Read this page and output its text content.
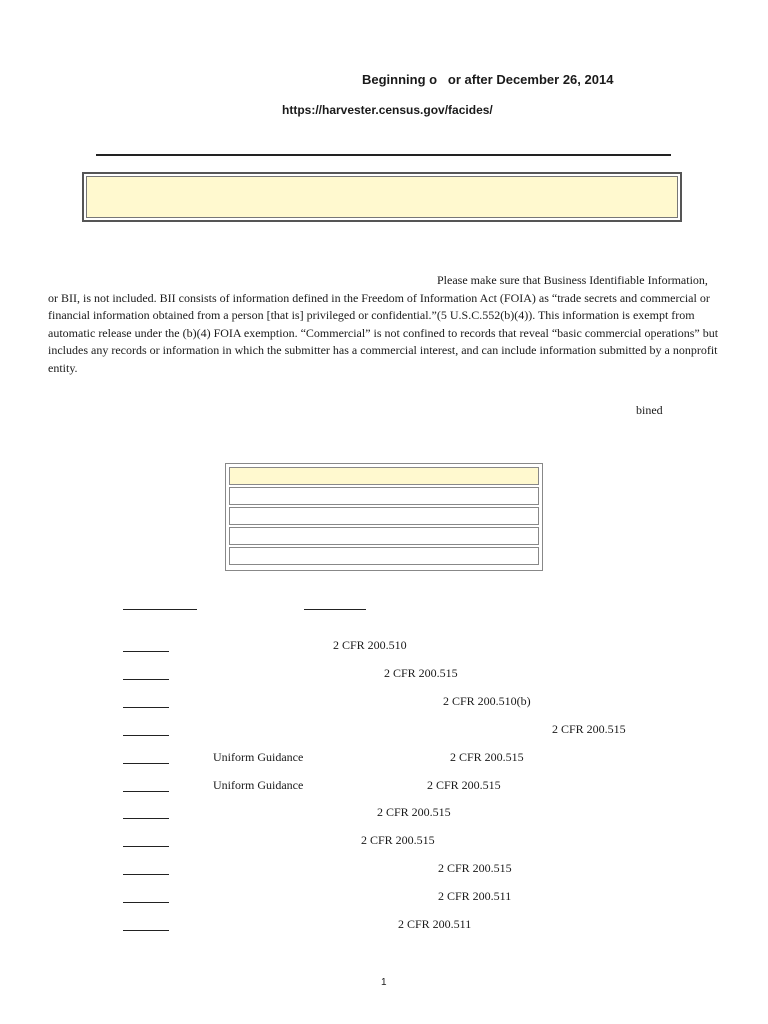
Beginning o   or after December 26, 2014
https://harvester.census.gov/facides/

Please make sure that Business Identifiable Information, or BII, is not included. BII consists of information defined in the Freedom of Information Act (FOIA) as “trade secrets and commercial or financial information obtained from a person [that is] privileged or confidential.”(5 U.S.C.552(b)(4)). This information is exempt from automatic release under the (b)(4) FOIA exemption. “Commercial” is not confined to records that reveal “basic commercial operations” but includes any records or information in which the submitter has a commercial interest, and can include information submitted by a nonprofit entity.

bined
2 CFR 200.510
2 CFR 200.515
2 CFR 200.510(b)
2 CFR 200.515
Uniform Guidance	2 CFR 200.515
Uniform Guidance	2 CFR 200.515
2 CFR 200.515
2 CFR 200.515
2 CFR 200.515
2 CFR 200.511
2 CFR 200.511
1
